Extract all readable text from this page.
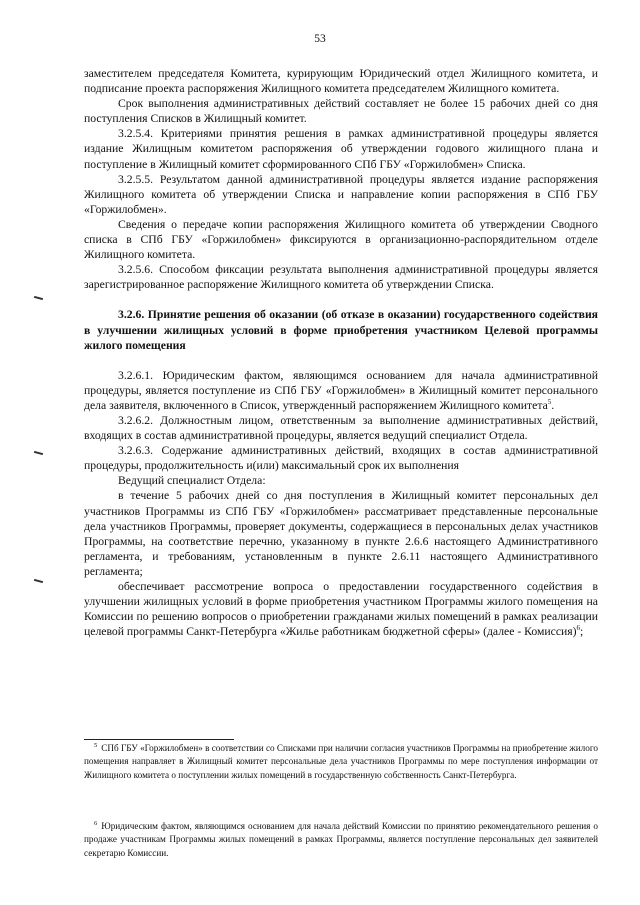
53

заместителем председателя Комитета, курирующим Юридический отдел Жилищного комитета, и подписание проекта распоряжения Жилищного комитета председателем Жилищного комитета.

Срок выполнения административных действий составляет не более 15 рабочих дней со дня поступления Списков в Жилищный комитет.

3.2.5.4. Критериями принятия решения в рамках административной процедуры является издание Жилищным комитетом распоряжения об утверждении годового жилищного плана и поступление в Жилищный комитет сформированного СПб ГБУ «Горжилобмен» Списка.

3.2.5.5. Результатом данной административной процедуры является издание распоряжения Жилищного комитета об утверждении Списка и направление копии распоряжения в СПб ГБУ «Горжилобмен».

Сведения о передаче копии распоряжения Жилищного комитета об утверждении Сводного списка в СПб ГБУ «Горжилобмен» фиксируются в организационно-распорядительном отделе Жилищного комитета.

3.2.5.6. Способом фиксации результата выполнения административной процедуры является зарегистрированное распоряжение Жилищного комитета об утверждении Списка.

3.2.6. Принятие решения об оказании (об отказе в оказании) государственного содействия в улучшении жилищных условий в форме приобретения участником Целевой программы жилого помещения

3.2.6.1. Юридическим фактом, являющимся основанием для начала административной процедуры, является поступление из СПб ГБУ «Горжилобмен» в Жилищный комитет персонального дела заявителя, включенного в Список, утвержденный распоряжением Жилищного комитета$^5$.

3.2.6.2. Должностным лицом, ответственным за выполнение административных действий, входящих в состав административной процедуры, является ведущий специалист Отдела.

3.2.6.3. Содержание административных действий, входящих в состав административной процедуры, продолжительность и(или) максимальный срок их выполнения

Ведущий специалист Отдела:

в течение 5 рабочих дней со дня поступления в Жилищный комитет персональных дел участников Программы из СПб ГБУ «Горжилобмен» рассматривает представленные персональные дела участников Программы, проверяет документы, содержащиеся в персональных делах участников Программы, на соответствие перечню, указанному в пункте 2.6.6 настоящего Административного регламента, и требованиям, установленным в пункте 2.6.11 настоящего Административного регламента;

обеспечивает рассмотрение вопроса о предоставлении государственного содействия в улучшении жилищных условий в форме приобретения участником Программы жилого помещения на Комиссии по решению вопросов о приобретении гражданами жилых помещений в рамках реализации целевой программы Санкт-Петербурга «Жилье работникам бюджетной сферы» (далее - Комиссия)$^6$;

$^5$ СПб ГБУ «Горжилобмен» в соответствии со Списками при наличии согласия участников Программы на приобретение жилого помещения направляет в Жилищный комитет персональные дела участников Программы по мере поступления информации от Жилищного комитета о поступлении жилых помещений в государственную собственность Санкт-Петербурга.
$^6$ Юридическим фактом, являющимся основанием для начала действий Комиссии по принятию рекомендательного решения о продаже участникам Программы жилых помещений в рамках Программы, является поступление персональных дел заявителей секретарю Комиссии.
